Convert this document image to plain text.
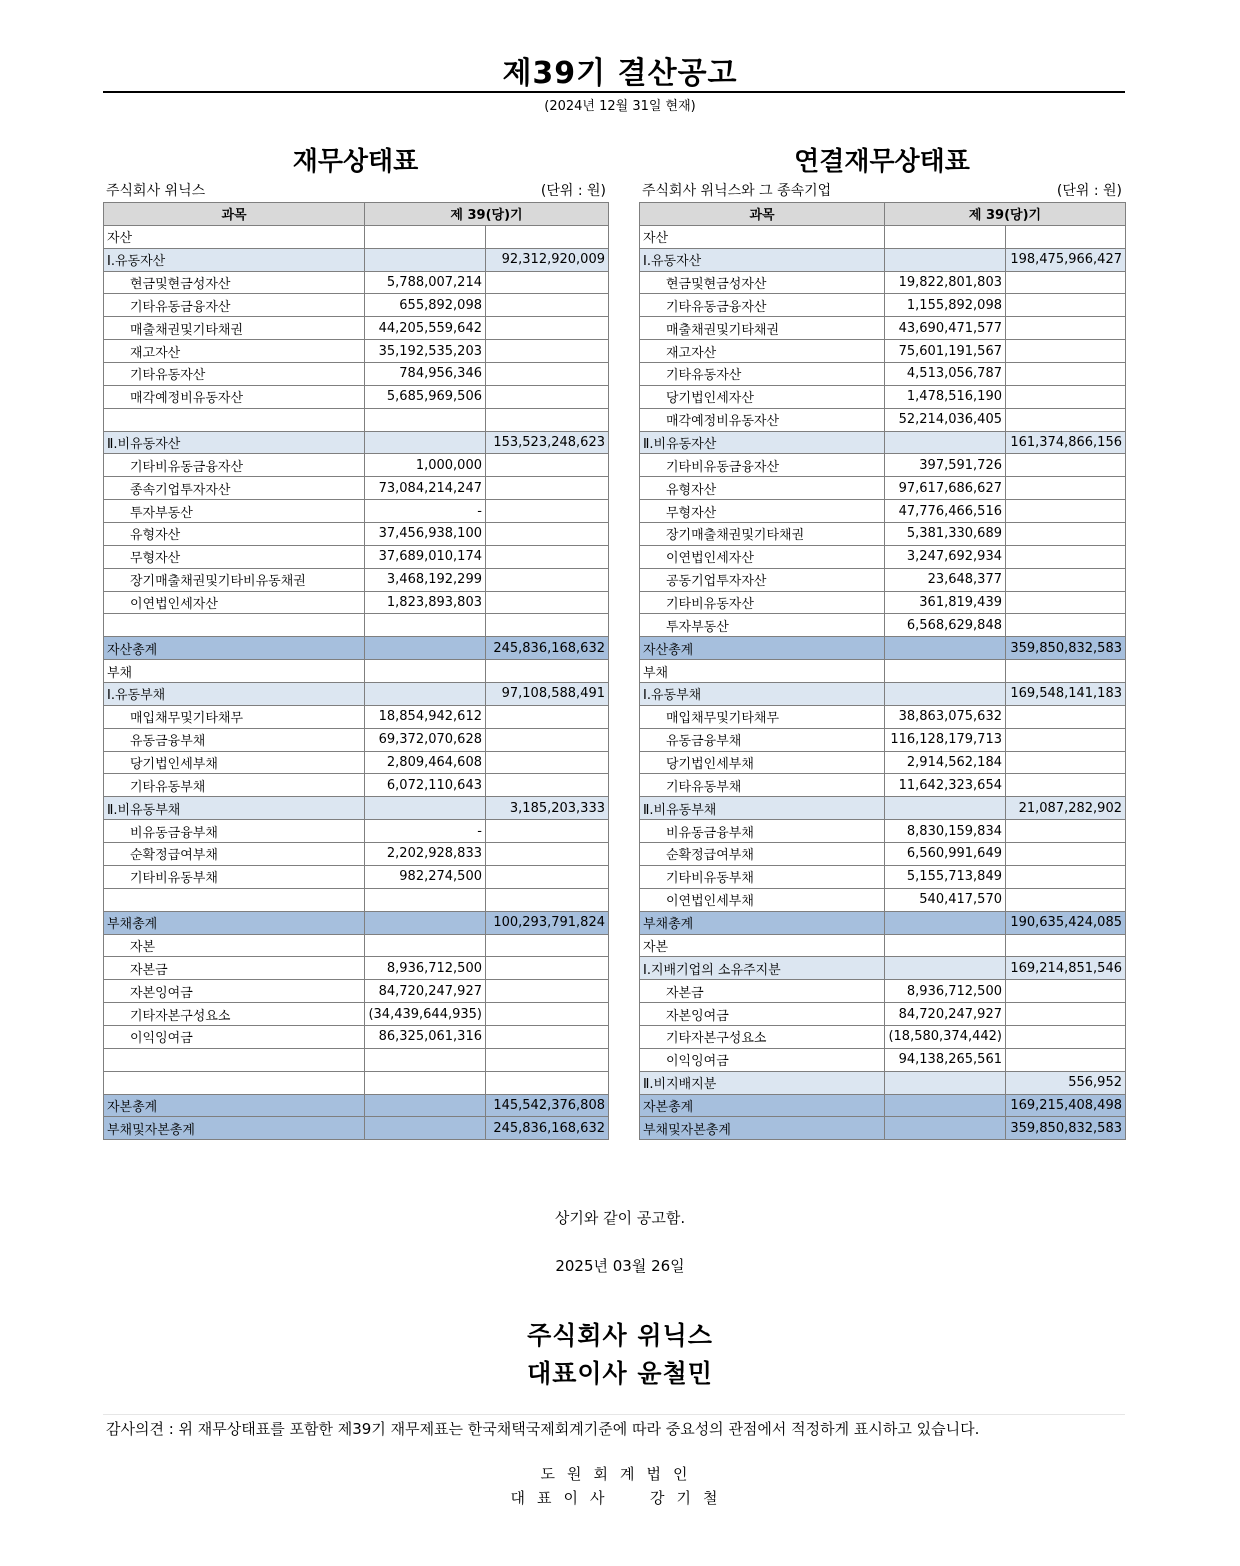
제39기 결산공고
(2024년 12월 31일 현재)
재무상태표
주식회사 위닉스	(단위 : 원)
과목	제 39(당)기	
자산		
Ⅰ.유동자산		92,312,920,009
현금및현금성자산	5,788,007,214	
기타유동금융자산	655,892,098	
매출채권및기타채권	44,205,559,642	
재고자산	35,192,535,203	
기타유동자산	784,956,346	
매각예정비유동자산	5,685,969,506	

Ⅱ.비유동자산		153,523,248,623
기타비유동금융자산	1,000,000	
종속기업투자자산	73,084,214,247	
투자부동산	-	
유형자산	37,456,938,100	
무형자산	37,689,010,174	
장기매출채권및기타비유동채권	3,468,192,299	
이연법인세자산	1,823,893,803	

자산총계		245,836,168,632
부채		
Ⅰ.유동부채		97,108,588,491
매입채무및기타채무	18,854,942,612	
유동금융부채	69,372,070,628	
당기법인세부채	2,809,464,608	
기타유동부채	6,072,110,643	
Ⅱ.비유동부채		3,185,203,333
비유동금융부채	-	
순확정급여부채	2,202,928,833	
기타비유동부채	982,274,500	

부채총계		100,293,791,824
자본		
자본금	8,936,712,500	
자본잉여금	84,720,247,927	
기타자본구성요소	(34,439,644,935)	
이익잉여금	86,325,061,316	

자본총계		145,542,376,808
부채및자본총계		245,836,168,632
연결재무상태표
주식회사 위닉스와 그 종속기업	(단위 : 원)
과목	제 39(당)기	
자산		
Ⅰ.유동자산		198,475,966,427
현금및현금성자산	19,822,801,803	
기타유동금융자산	1,155,892,098	
매출채권및기타채권	43,690,471,577	
재고자산	75,601,191,567	
기타유동자산	4,513,056,787	
당기법인세자산	1,478,516,190	
매각예정비유동자산	52,214,036,405	
Ⅱ.비유동자산		161,374,866,156
기타비유동금융자산	397,591,726	
유형자산	97,617,686,627	
무형자산	47,776,466,516	
장기매출채권및기타채권	5,381,330,689	
이연법인세자산	3,247,692,934	
공동기업투자자산	23,648,377	
기타비유동자산	361,819,439	
투자부동산	6,568,629,848	
자산총계		359,850,832,583
부채		
Ⅰ.유동부채		169,548,141,183
매입채무및기타채무	38,863,075,632	
유동금융부채	116,128,179,713	
당기법인세부채	2,914,562,184	
기타유동부채	11,642,323,654	
Ⅱ.비유동부채		21,087,282,902
비유동금융부채	8,830,159,834	
순확정급여부채	6,560,991,649	
기타비유동부채	5,155,713,849	
이연법인세부채	540,417,570	
부채총계		190,635,424,085
자본		
Ⅰ.지배기업의 소유주지분		169,214,851,546
자본금	8,936,712,500	
자본잉여금	84,720,247,927	
기타자본구성요소	(18,580,374,442)	
이익잉여금	94,138,265,561	
Ⅱ.비지배지분		556,952
자본총계		169,215,408,498
부채및자본총계		359,850,832,583
상기와 같이 공고함.
2025년 03월 26일
주식회사 위닉스
대표이사 윤철민
감사의견 : 위 재무상태표를 포함한 제39기 재무제표는 한국채택국제회계기준에 따라 중요성의 관점에서 적정하게 표시하고 있습니다.
도원회계법인
대표이사  강기철
